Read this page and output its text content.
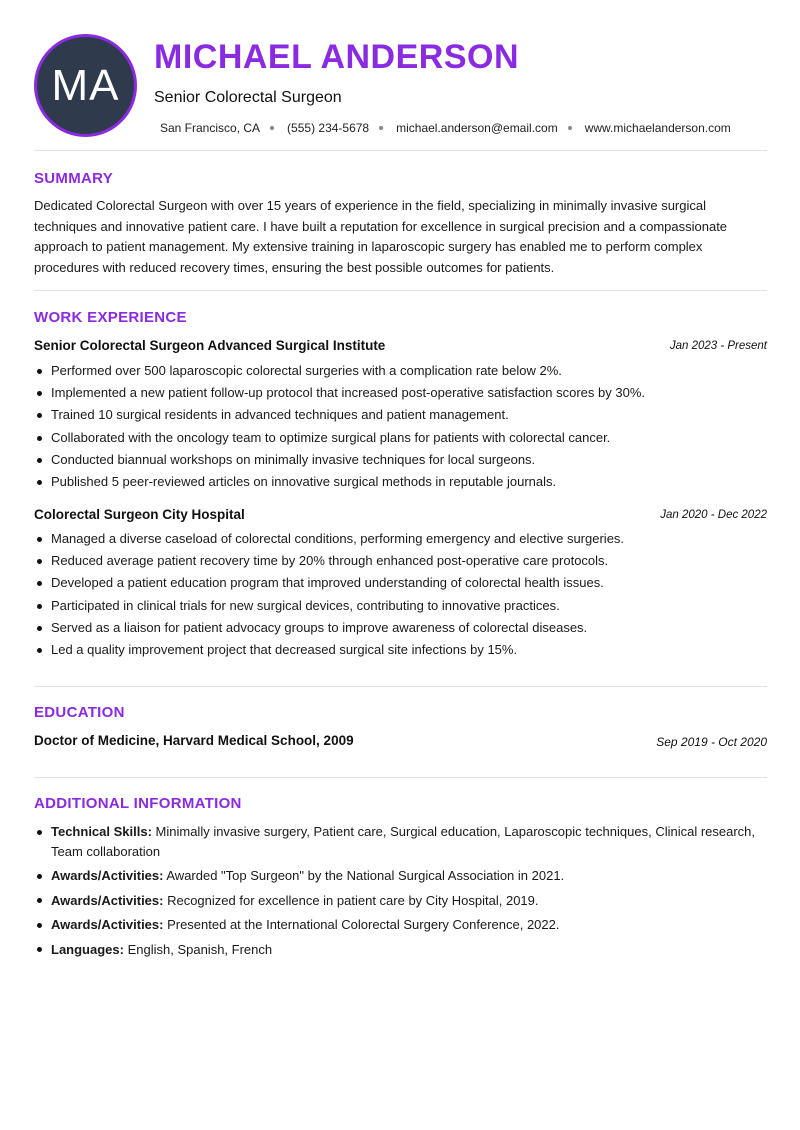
MA
MICHAEL ANDERSON
Senior Colorectal Surgeon
San Francisco, CA (555) 234-5678 michael.anderson@email.com www.michaelanderson.com
SUMMARY
Dedicated Colorectal Surgeon with over 15 years of experience in the field, specializing in minimally invasive surgical techniques and innovative patient care. I have built a reputation for excellence in surgical precision and a compassionate approach to patient management. My extensive training in laparoscopic surgery has enabled me to perform complex procedures with reduced recovery times, ensuring the best possible outcomes for patients.
WORK EXPERIENCE
Senior Colorectal Surgeon Advanced Surgical Institute	Jan 2023 - Present
Performed over 500 laparoscopic colorectal surgeries with a complication rate below 2%.
Implemented a new patient follow-up protocol that increased post-operative satisfaction scores by 30%.
Trained 10 surgical residents in advanced techniques and patient management.
Collaborated with the oncology team to optimize surgical plans for patients with colorectal cancer.
Conducted biannual workshops on minimally invasive techniques for local surgeons.
Published 5 peer-reviewed articles on innovative surgical methods in reputable journals.
Colorectal Surgeon City Hospital	Jan 2020 - Dec 2022
Managed a diverse caseload of colorectal conditions, performing emergency and elective surgeries.
Reduced average patient recovery time by 20% through enhanced post-operative care protocols.
Developed a patient education program that improved understanding of colorectal health issues.
Participated in clinical trials for new surgical devices, contributing to innovative practices.
Served as a liaison for patient advocacy groups to improve awareness of colorectal diseases.
Led a quality improvement project that decreased surgical site infections by 15%.
EDUCATION
Doctor of Medicine, Harvard Medical School, 2009	Sep 2019 - Oct 2020
ADDITIONAL INFORMATION
Technical Skills: Minimally invasive surgery, Patient care, Surgical education, Laparoscopic techniques, Clinical research, Team collaboration
Awards/Activities: Awarded "Top Surgeon" by the National Surgical Association in 2021.
Awards/Activities: Recognized for excellence in patient care by City Hospital, 2019.
Awards/Activities: Presented at the International Colorectal Surgery Conference, 2022.
Languages: English, Spanish, French
